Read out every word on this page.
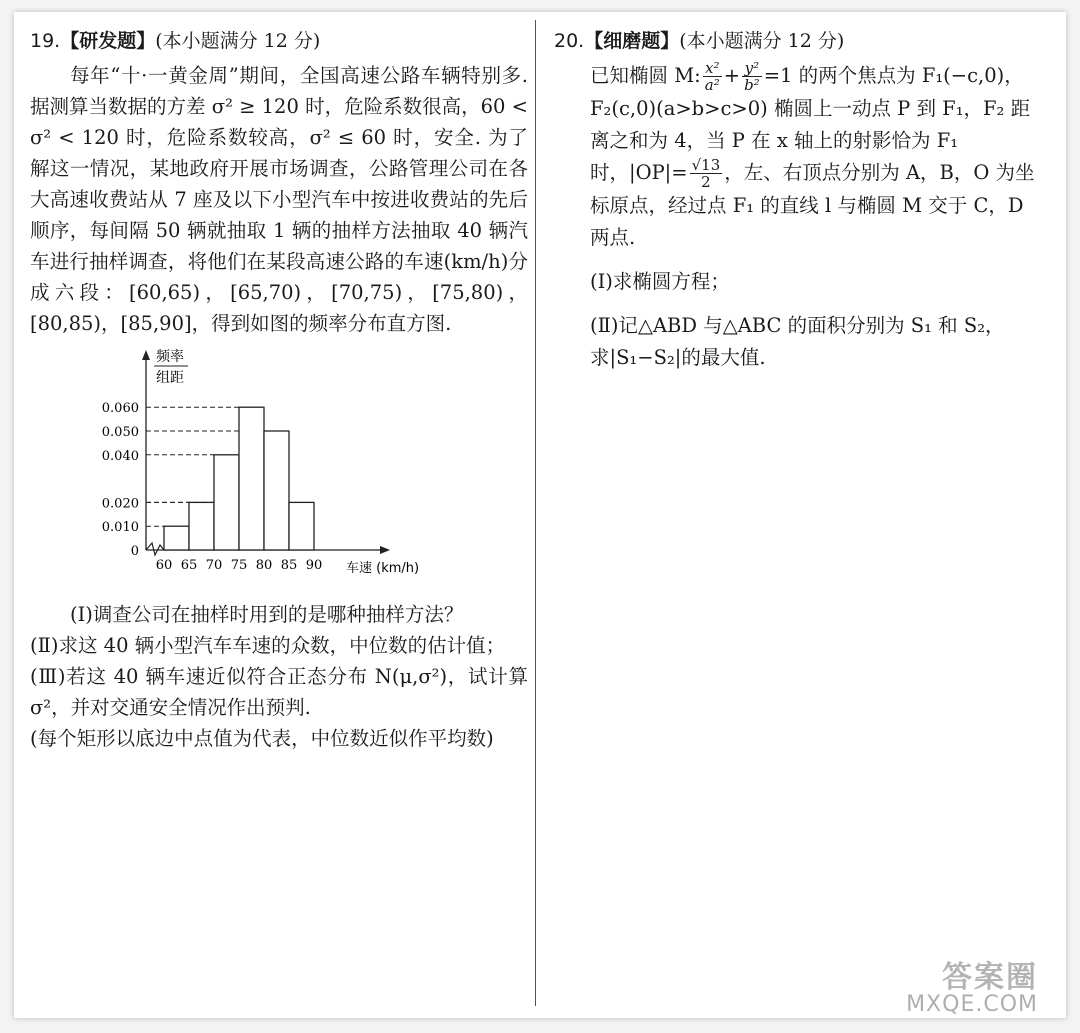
19.【研发题】(本小题满分 12 分)

每年“十·一黄金周”期间，全国高速公路车辆特别多. 据测算当数据的方差 σ² ≥ 120 时，危险系数很高，60 < σ² < 120 时，危险系数较高，σ² ≤ 60 时，安全. 为了解这一情况，某地政府开展市场调查，公路管理公司在各大高速收费站从 7 座及以下小型汽车中按进收费站的先后顺序，每间隔 50 辆就抽取 1 辆的抽样方法抽取 40 辆汽车进行抽样调查，将他们在某段高速公路的车速(km/h)分成六段：[60,65)，[65,70)，[70,75)，[75,80)，[80,85)，[85,90]，得到如图的频率分布直方图.

频率
组距
0.060
0.050
0.040
0.020
0.010
0
60 65 70 75 80 85 90 车速 (km/h)

(Ⅰ)调查公司在抽样时用到的是哪种抽样方法？

(Ⅱ)求这 40 辆小型汽车车速的众数，中位数的估计值；

(Ⅲ)若这 40 辆车速近似符合正态分布 N(μ,σ²)，试计算 σ²，并对交通安全情况作出预判.

(每个矩形以底边中点值为代表，中位数近似作平均数)

20.【细磨题】(本小题满分 12 分)

已知椭圆 M: $\frac{\text{x²}}{\text{a²}} + \frac{\text{y²}}{\text{b²}} =1$ 的两个焦点为 F₁(−c,0)， F₂(c,0)(a>b>c>0) 椭圆上一动点 P 到 F₁，F₂ 距离之和为 4，当 P 在 x 轴上的射影恰为 F₁ 时，$|OP|= \frac{√13}{2}$ ，左、右顶点分别为 A，B，O 为坐标原点，经过点 F₁ 的直线 l 与椭圆 M 交于 C，D 两点.

(Ⅰ)求椭圆方程；

(Ⅱ)记△ABD 与△ABC 的面积分别为 S₁ 和 S₂，求|S₁−S₂|的最大值.

答案圈
MXQE.COM
